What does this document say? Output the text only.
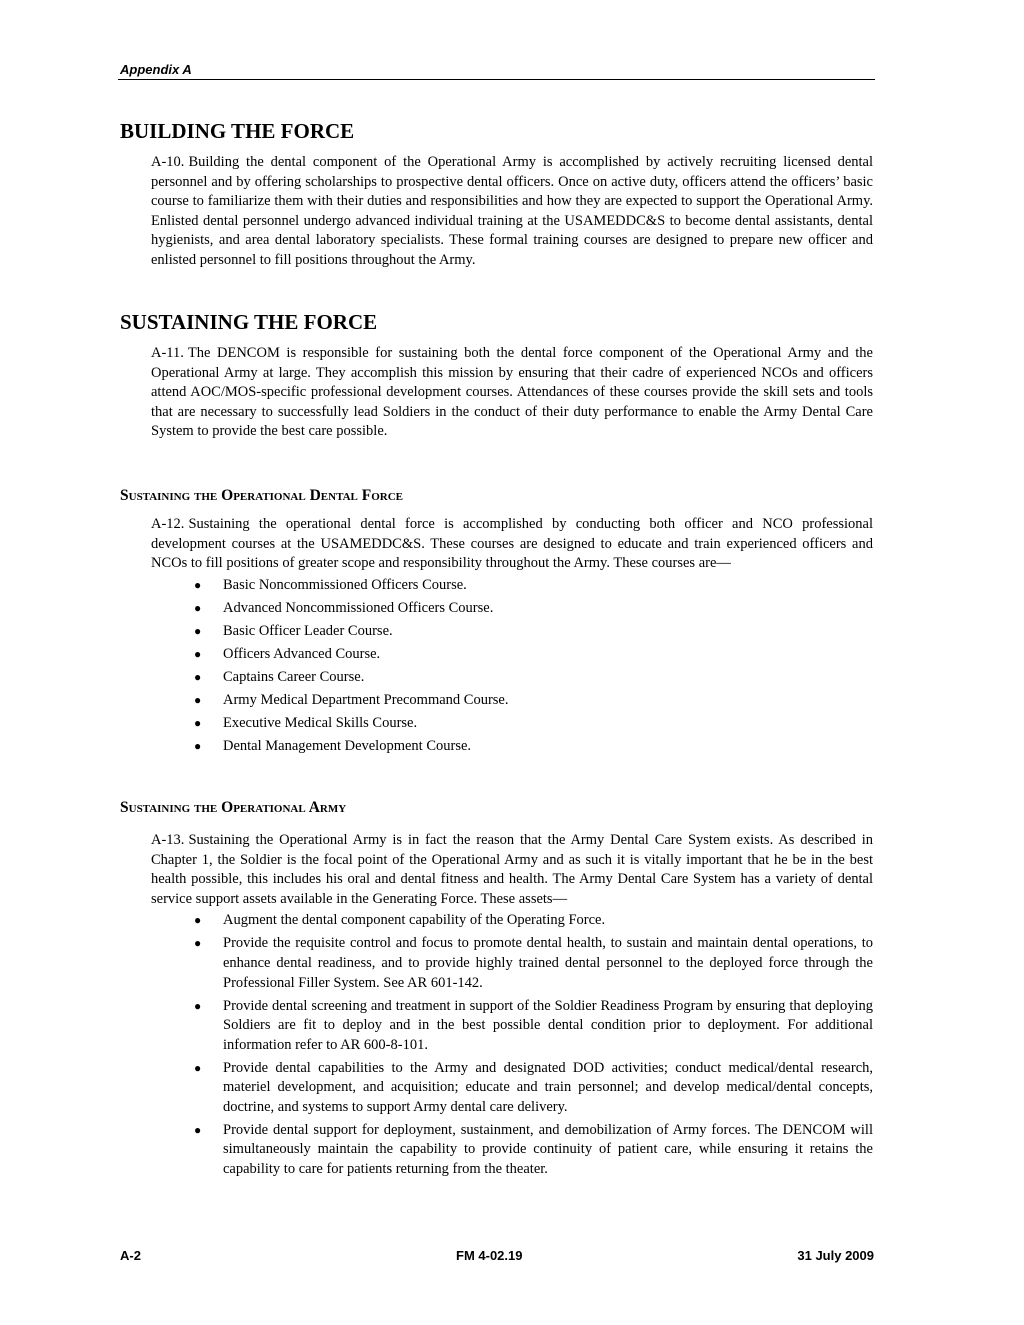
Appendix A
BUILDING THE FORCE

A-10. Building the dental component of the Operational Army is accomplished by actively recruiting licensed dental personnel and by offering scholarships to prospective dental officers. Once on active duty, officers attend the officers’ basic course to familiarize them with their duties and responsibilities and how they are expected to support the Operational Army. Enlisted dental personnel undergo advanced individual training at the USAMEDDC&S to become dental assistants, dental hygienists, and area dental laboratory specialists. These formal training courses are designed to prepare new officer and enlisted personnel to fill positions throughout the Army.

SUSTAINING THE FORCE

A-11. The DENCOM is responsible for sustaining both the dental force component of the Operational Army and the Operational Army at large. They accomplish this mission by ensuring that their cadre of experienced NCOs and officers attend AOC/MOS-specific professional development courses. Attendances of these courses provide the skill sets and tools that are necessary to successfully lead Soldiers in the conduct of their duty performance to enable the Army Dental Care System to provide the best care possible.

Sustaining the Operational Dental Force

A-12. Sustaining the operational dental force is accomplished by conducting both officer and NCO professional development courses at the USAMEDDC&S. These courses are designed to educate and train experienced officers and NCOs to fill positions of greater scope and responsibility throughout the Army. These courses are—

● Basic Noncommissioned Officers Course.
● Advanced Noncommissioned Officers Course.
● Basic Officer Leader Course.
● Officers Advanced Course.
● Captains Career Course.
● Army Medical Department Precommand Course.
● Executive Medical Skills Course.
● Dental Management Development Course.
Sustaining the Operational Army

A-13. Sustaining the Operational Army is in fact the reason that the Army Dental Care System exists. As described in Chapter 1, the Soldier is the focal point of the Operational Army and as such it is vitally important that he be in the best health possible, this includes his oral and dental fitness and health. The Army Dental Care System has a variety of dental service support assets available in the Generating Force. These assets—

● Augment the dental component capability of the Operating Force.
● Provide the requisite control and focus to promote dental health, to sustain and maintain dental operations, to enhance dental readiness, and to provide highly trained dental personnel to the deployed force through the Professional Filler System. See AR 601-142.
● Provide dental screening and treatment in support of the Soldier Readiness Program by ensuring that deploying Soldiers are fit to deploy and in the best possible dental condition prior to deployment. For additional information refer to AR 600-8-101.
● Provide dental capabilities to the Army and designated DOD activities; conduct medical/dental research, materiel development, and acquisition; educate and train personnel; and develop medical/dental concepts, doctrine, and systems to support Army dental care delivery.
● Provide dental support for deployment, sustainment, and demobilization of Army forces. The DENCOM will simultaneously maintain the capability to provide continuity of patient care, while ensuring it retains the capability to care for patients returning from the theater.
A-2	FM 4-02.19	31 July 2009
